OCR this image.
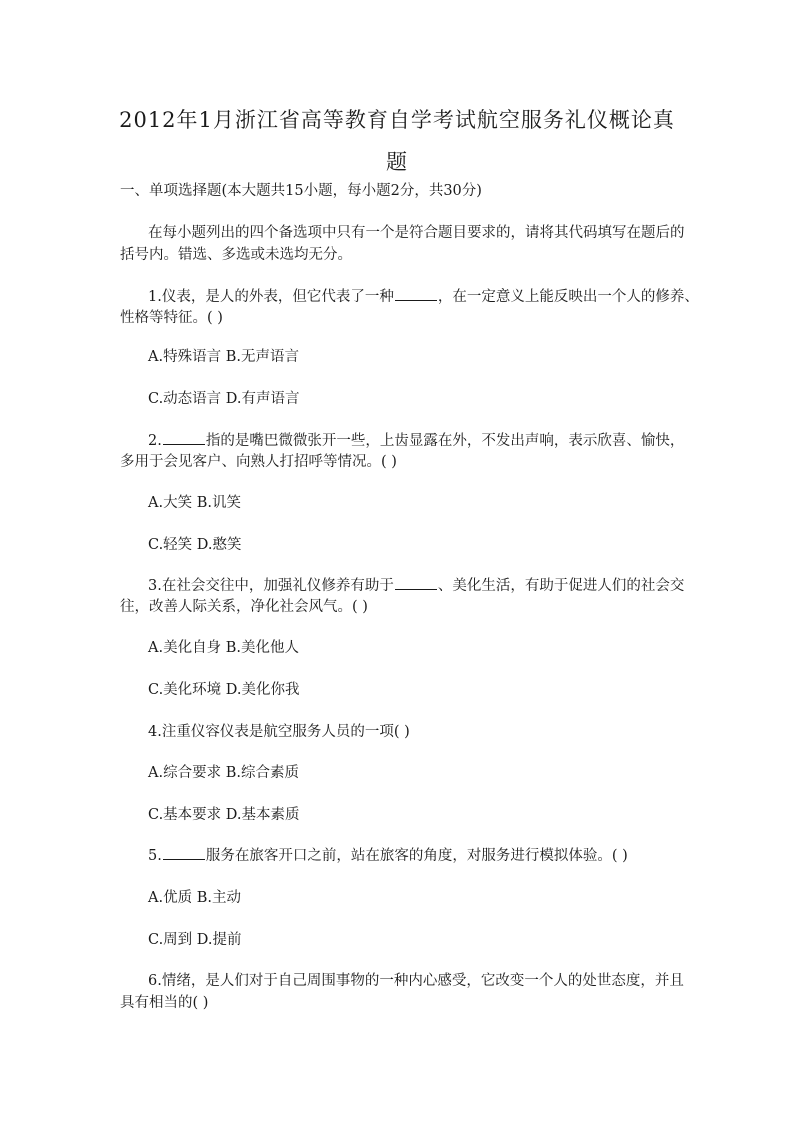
2012年1月浙江省高等教育自学考试航空服务礼仪概论真
题
一、单项选择题(本大题共15小题，每小题2分，共30分)
在每小题列出的四个备选项中只有一个是符合题目要求的，请将其代码填写在题后的
括号内。错选、多选或未选均无分。
1.仪表，是人的外表，但它代表了一种	，在一定意义上能反映出一个人的修养、
性格等特征。( )
A.特殊语言 B.无声语言
C.动态语言 D.有声语言
2.	指的是嘴巴微微张开一些，上齿显露在外，不发出声响，表示欣喜、愉快，
多用于会见客户、向熟人打招呼等情况。( )
A.大笑 B.讥笑
C.轻笑 D.憨笑
3.在社会交往中，加强礼仪修养有助于	、美化生活，有助于促进人们的社会交
往，改善人际关系，净化社会风气。( )
A.美化自身 B.美化他人
C.美化环境 D.美化你我
4.注重仪容仪表是航空服务人员的一项( )
A.综合要求 B.综合素质
C.基本要求 D.基本素质
5.	服务在旅客开口之前，站在旅客的角度，对服务进行模拟体验。( )
A.优质 B.主动
C.周到 D.提前
6.情绪，是人们对于自己周围事物的一种内心感受，它改变一个人的处世态度，并且
具有相当的( )
